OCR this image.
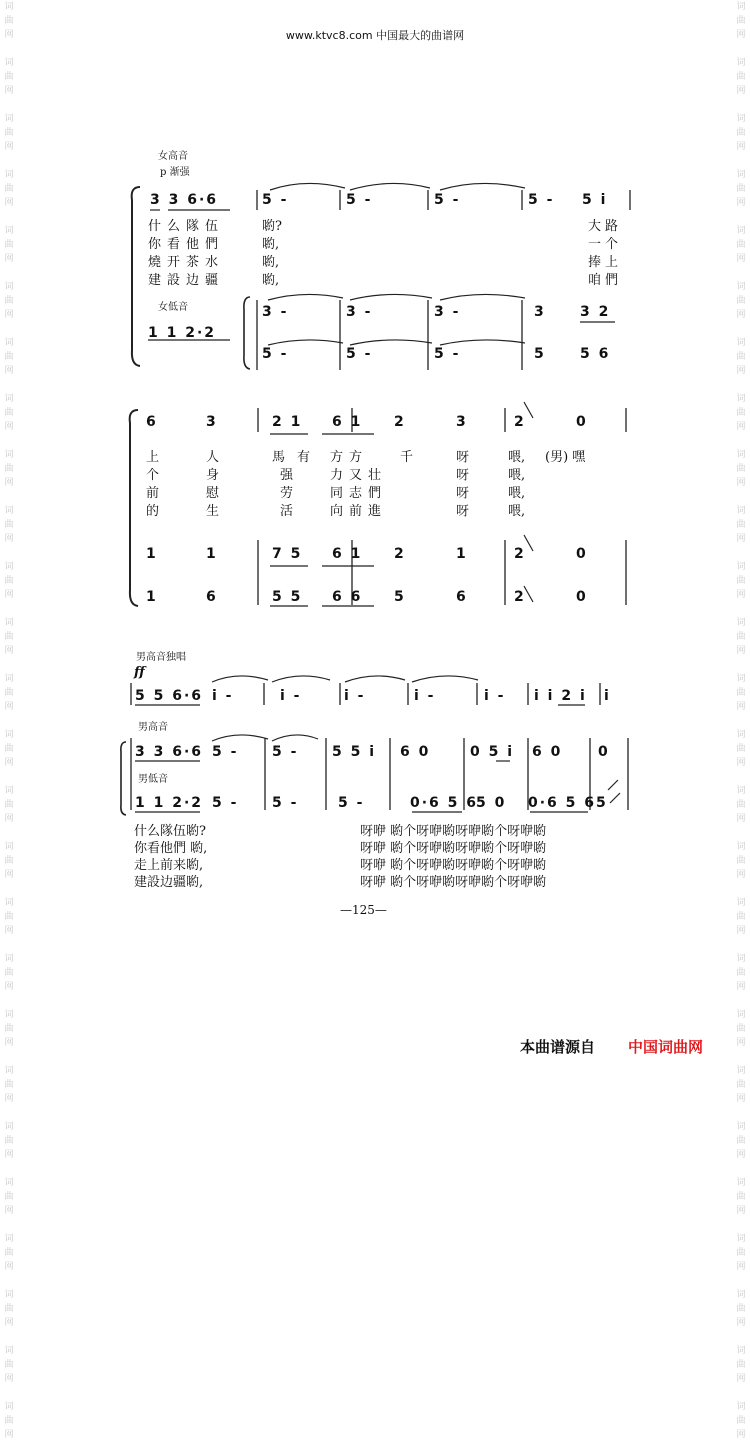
词
曲
网

词
曲
网

词
曲
网

词
曲
网

词
曲
网

词
曲
网

词
曲
网

词
曲
网

词
曲
网

词
曲
网

词
曲
网

词
曲
网

词
曲
网

词
曲
网

词
曲
网

词
曲
网

词
曲
网

词
曲
网

词
曲
网

词
曲
网

词
曲
网

词
曲
网

词
曲
网

词
曲
网

词
曲
网

词
曲
网

词
曲
网

词
曲
网

词
曲
网

词
曲
网

词
曲
网

词
曲
网

词
曲
网

词
曲
网

词
曲
网

词
曲
网

词
曲
网

词
曲
网

词
曲
网

词
曲
网

词
曲
网

词
曲
网

词
曲
网

词
曲
网

词
曲
网

词
曲
网

词
曲
网

词
曲
网

词
曲
网

词
曲
网

词
曲
网

词
曲
网

www.ktvc8.com 中国最大的曲谱网
女高音
p 渐强
3 3 6·6	5 -	5 -	5 -	5 - 5 i
什么隊伍	喲?	大路
你看他們	喲,	一个
燒开茶水	喲,	捧上
建設边疆	喲,	咱們
女低音	3 -	3 -	3 -	3 3 2
1 1 2·2
5 -	5 -	5 -	5 5 6
6	3	2 1 6 1 2	3	2	0
上	人	馬有 方方 千	呀	喂, (男) 嘿
个	身	强	力又壮	呀	喂,
前	慰	劳	同志們	呀	喂,
的	生	活	向前進	呀	喂,
1	1	7 5 6 1 2	1	2	0
1	6	5 5 6 6 5	6	2	0
男高音独唱
ff
5 5 6·6 i -	i -	i -	i -	i - i i 2 i i
男高音
3 3 6·6 5 - 5 - 5 5 i 6 0	0 5 i 6 0	0
男低音
1 1 2·2 5 - 5 -	5 -	0·6 5 6
5 0 0·6 5 6 5
什么隊伍喲?	呀咿 喲个呀咿喲呀咿喲个呀咿喲
你看他們 喲,	呀咿 喲个呀咿喲呀咿喲个呀咿喲
走上前来喲,	呀咿 喲个呀咿喲呀咿喲个呀咿喲
建設边疆喲,	呀咿 喲个呀咿喲呀咿喲个呀咿喲
—125—
本曲谱源自 中国词曲网
